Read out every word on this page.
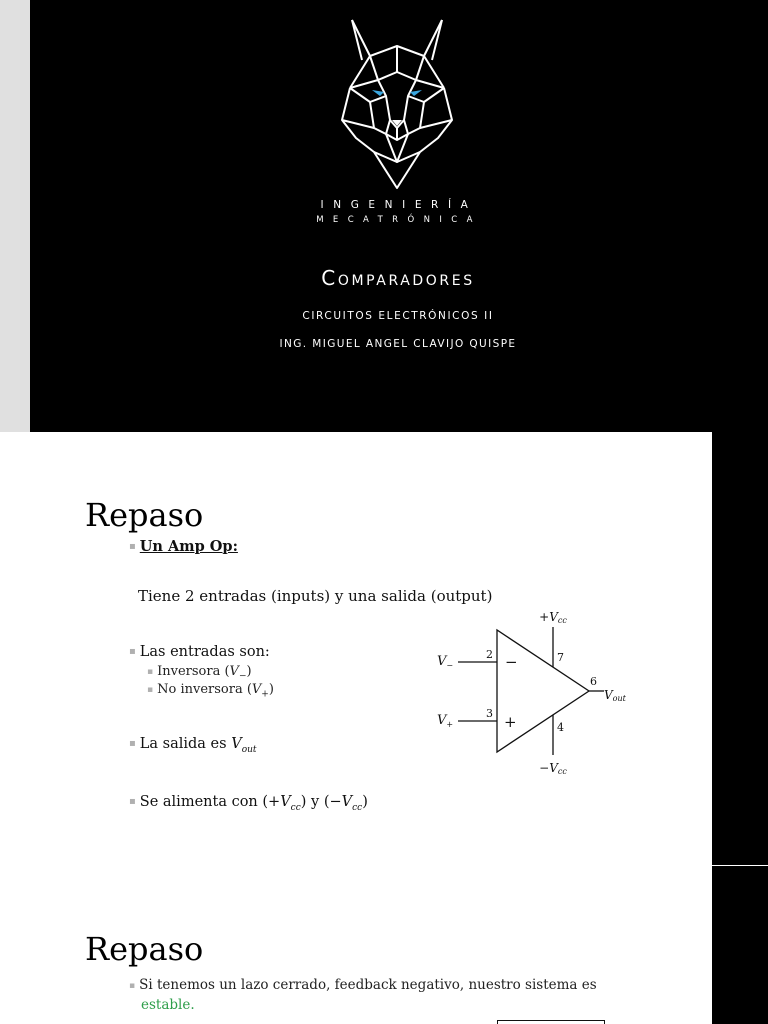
INGENIERÍA
MECATRÓNICA
Comparadores
CIRCUITOS ELECTRÓNICOS II
ING. MIGUEL ANGEL CLAVIJO QUISPE
Repaso
▪ Un Amp Op:
Tiene 2 entradas (inputs) y una salida (output)
▪ Las entradas son:
▪ Inversora $(V_-)$
▪ No inversora $(V_+)$
▪ La salida es $V_{out}$
▪ Se alimenta con $(+V_{cc})$ y $(-V_{cc})$
+Vcc
−Vcc
$V_-$
$V_+$
Vout
2
3
7
4
6
−
+
Repaso
▪ Si tenemos un lazo cerrado, feedback negativo, nuestro sistema es
estable.
